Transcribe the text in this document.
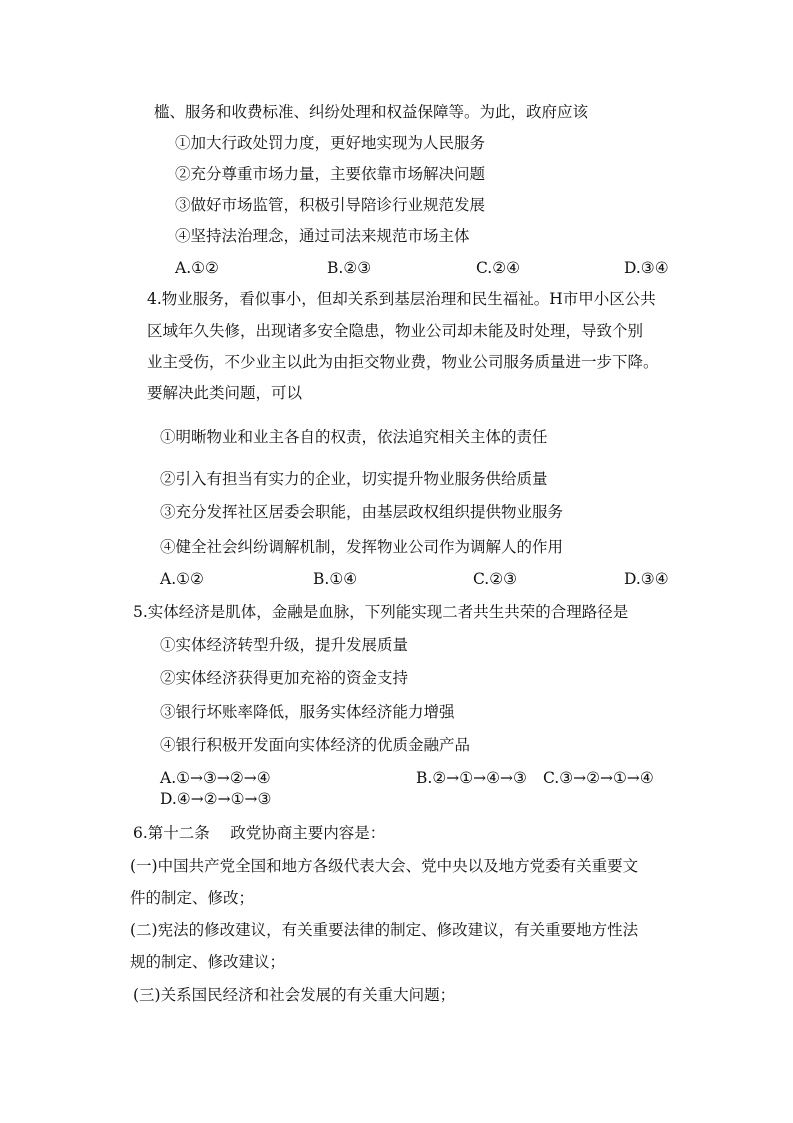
槛、服务和收费标准、纠纷处理和权益保障等。为此，政府应该
①加大行政处罚力度，更好地实现为人民服务
②充分尊重市场力量，主要依靠市场解决问题
③做好市场监管，积极引导陪诊行业规范发展
④坚持法治理念，通过司法来规范市场主体
A.①②	B.②③	C.②④	D.③④
4.物业服务，看似事小，但却关系到基层治理和民生福祉。H市甲小区公共
区域年久失修，出现诸多安全隐患，物业公司却未能及时处理，导致个别
业主受伤，不少业主以此为由拒交物业费，物业公司服务质量进一步下降。
要解决此类问题，可以
①明晰物业和业主各自的权责，依法追究相关主体的责任
②引入有担当有实力的企业，切实提升物业服务供给质量
③充分发挥社区居委会职能，由基层政权组织提供物业服务
④健全社会纠纷调解机制，发挥物业公司作为调解人的作用
A.①②	B.①④	C.②③	D.③④
5.实体经济是肌体，金融是血脉，下列能实现二者共生共荣的合理路径是
①实体经济转型升级，提升发展质量
②实体经济获得更加充裕的资金支持
③银行坏账率降低，服务实体经济能力增强
④银行积极开发面向实体经济的优质金融产品
A.①→③→②→④	B.②→①→④→③ C.③→②→①→④
D.④→②→①→③
6.第十二条　 政党协商主要内容是：
(一)中国共产党全国和地方各级代表大会、党中央以及地方党委有关重要文
件的制定、修改；
(二)宪法的修改建议，有关重要法律的制定、修改建议，有关重要地方性法
规的制定、修改建议；
(三)关系国民经济和社会发展的有关重大问题；
